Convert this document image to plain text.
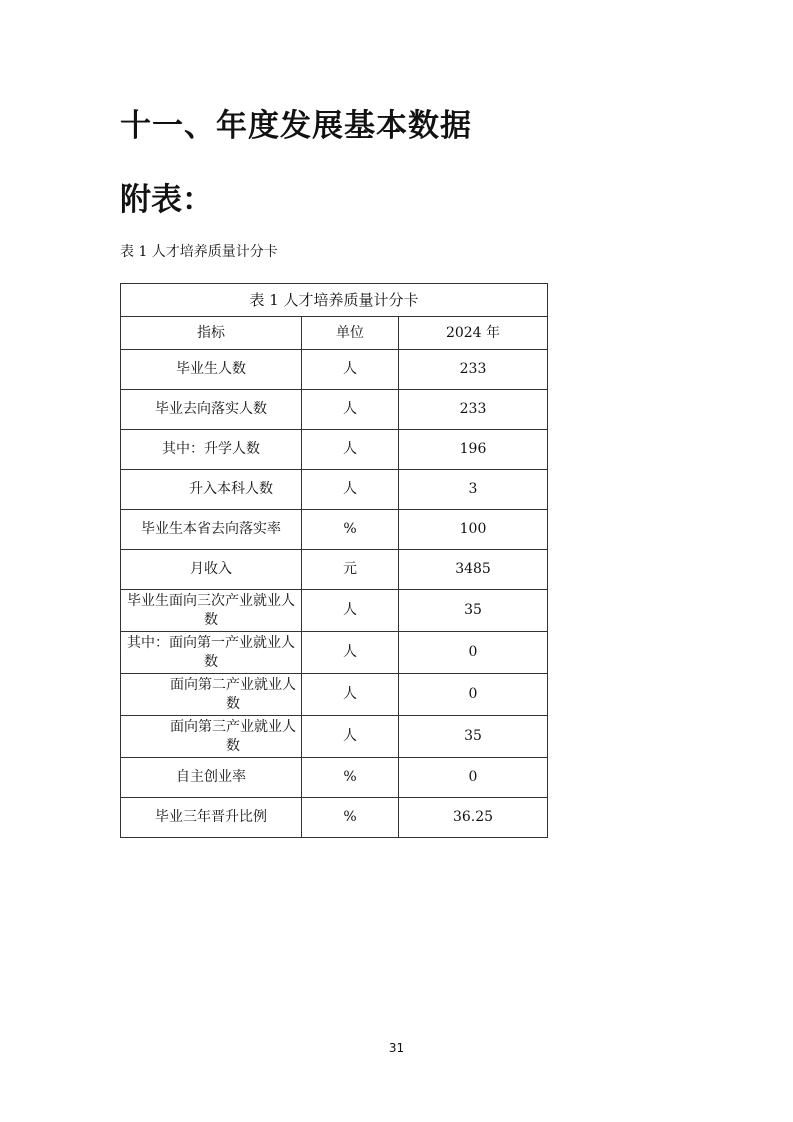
十一、年度发展基本数据
附表：
表 1 人才培养质量计分卡
表 1 人才培养质量计分卡		
指标	单位	2024 年
毕业生人数	人	233
毕业去向落实人数	人	233
其中：升学人数	人	196
升入本科人数	人	3
毕业生本省去向落实率	%	100
月收入	元	3485
毕业生面向三次产业就业人数	人	35
其中：面向第一产业就业人数	人	0
面向第二产业就业人数	人	0
面向第三产业就业人数	人	35
自主创业率	%	0
毕业三年晋升比例	%	36.25
31
